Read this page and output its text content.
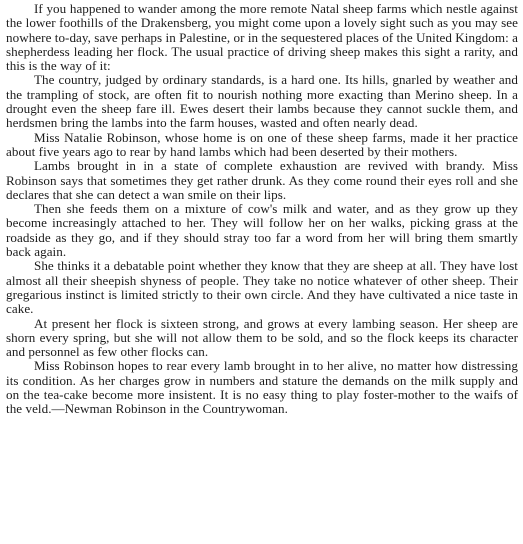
If you happened to wander among the more remote Natal sheep farms which nestle against the lower foothills of the Drakensberg, you might come upon a lovely sight such as you may see nowhere to-day, save perhaps in Palestine, or in the sequestered places of the United Kingdom: a shepherdess leading her flock. The usual practice of driving sheep makes this sight a rarity, and this is the way of it:

The country, judged by ordinary standards, is a hard one. Its hills, gnarled by weather and the trampling of stock, are often fit to nourish nothing more exacting than Merino sheep. In a drought even the sheep fare ill. Ewes desert their lambs because they cannot suckle them, and herdsmen bring the lambs into the farm houses, wasted and often nearly dead.

Miss Natalie Robinson, whose home is on one of these sheep farms, made it her practice about five years ago to rear by hand lambs which had been deserted by their mothers.

Lambs brought in in a state of complete exhaustion are revived with brandy. Miss Robinson says that sometimes they get rather drunk. As they come round their eyes roll and she declares that she can detect a wan smile on their lips.

Then she feeds them on a mixture of cow's milk and water, and as they grow up they become increasingly attached to her. They will follow her on her walks, picking grass at the roadside as they go, and if they should stray too far a word from her will bring them smartly back again.

She thinks it a debatable point whether they know that they are sheep at all. They have lost almost all their sheepish shyness of people. They take no notice whatever of other sheep. Their gregarious instinct is limited strictly to their own circle. And they have cultivated a nice taste in cake.

At present her flock is sixteen strong, and grows at every lambing season. Her sheep are shorn every spring, but she will not allow them to be sold, and so the flock keeps its character and personnel as few other flocks can.

Miss Robinson hopes to rear every lamb brought in to her alive, no matter how distressing its condition. As her charges grow in numbers and stature the demands on the milk supply and on the tea-cake become more insistent. It is no easy thing to play foster-mother to the waifs of the veld.—Newman Robinson in the Countrywoman.
